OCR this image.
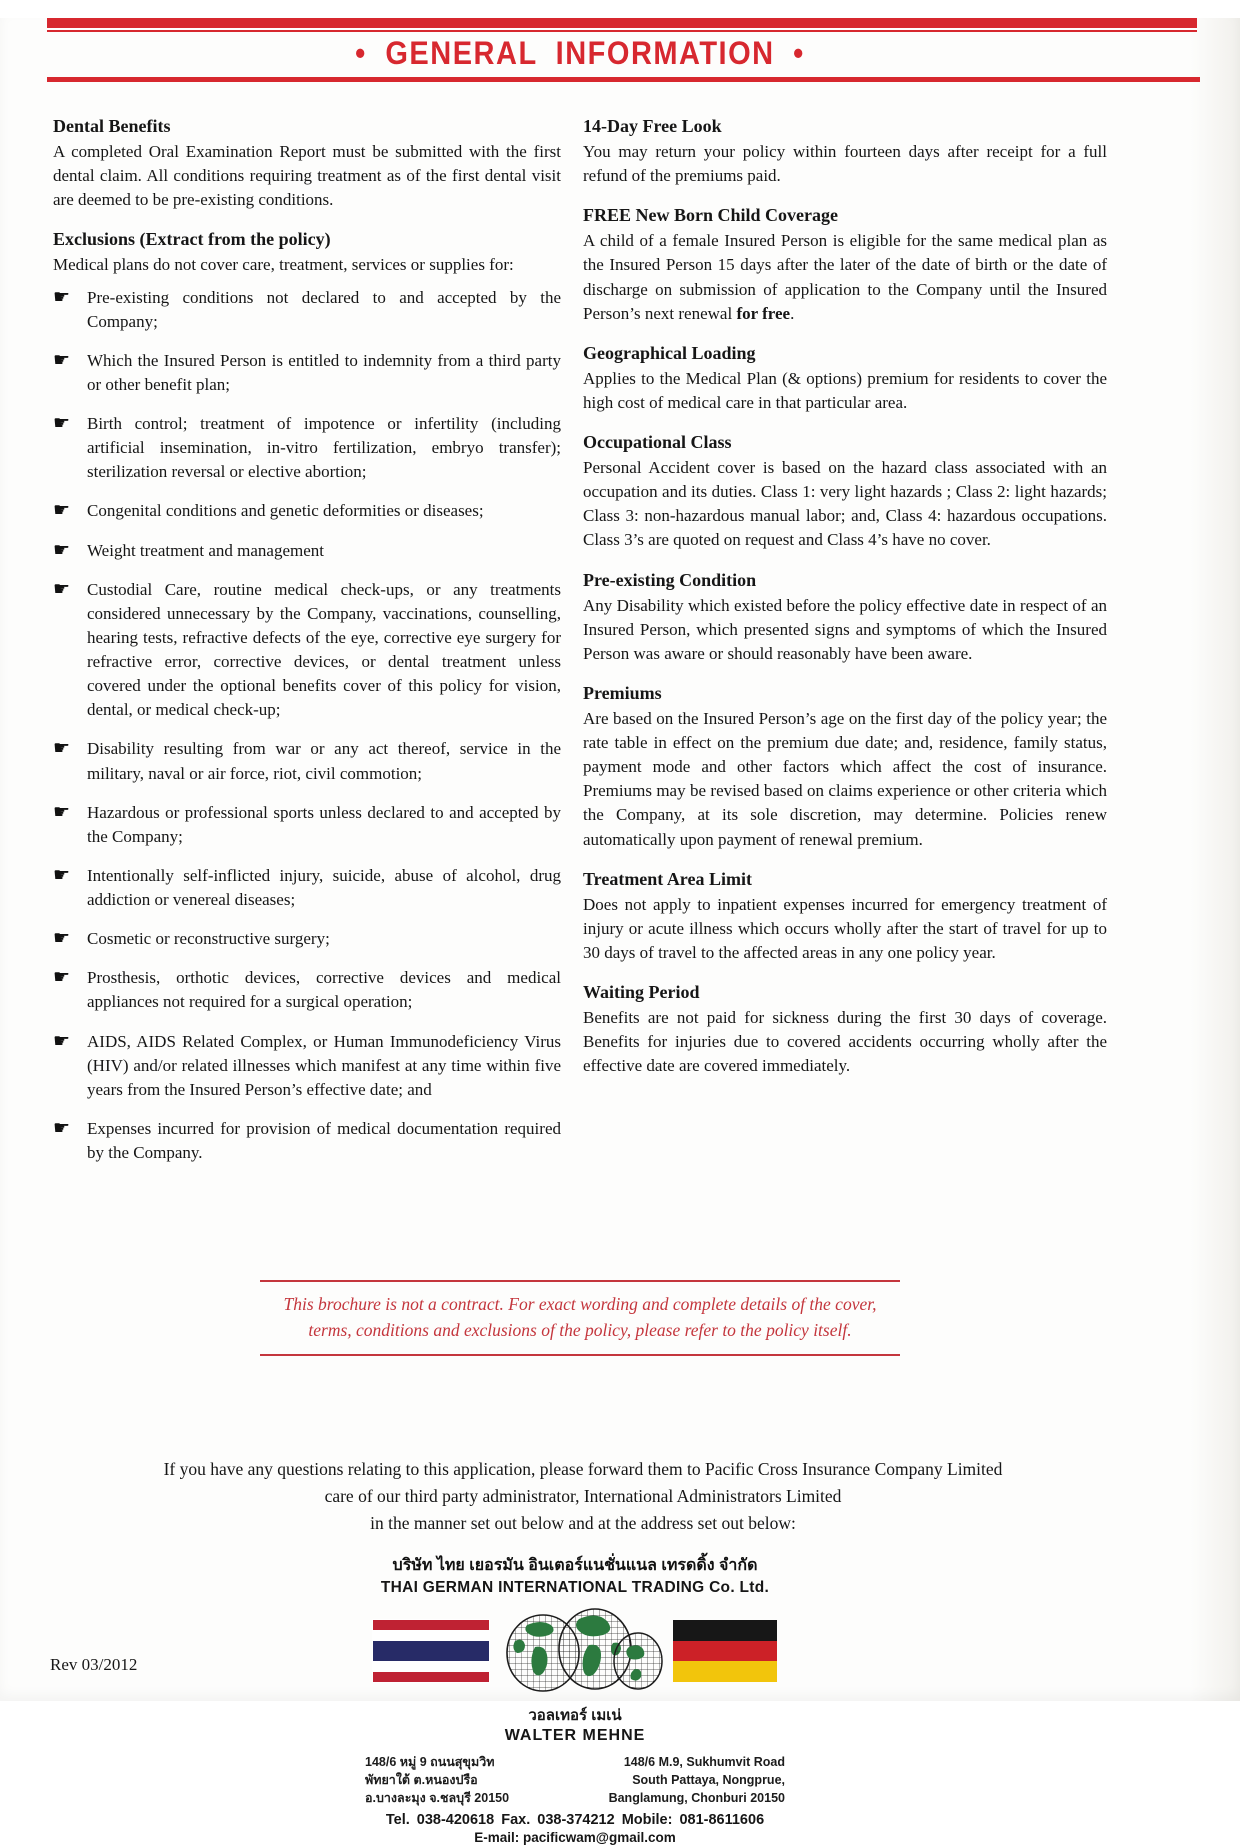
• GENERAL INFORMATION •
Dental Benefits

A completed Oral Examination Report must be submitted with the first dental claim. All conditions requiring treatment as of the first dental visit are deemed to be pre-existing conditions.

Exclusions (Extract from the policy)

Medical plans do not cover care, treatment, services or supplies for:

☛ Pre-existing conditions not declared to and accepted by the Company;
☛ Which the Insured Person is entitled to indemnity from a third party or other benefit plan;
☛ Birth control; treatment of impotence or infertility (including artificial insemination, in-vitro fertilization, embryo transfer); sterilization reversal or elective abortion;
☛ Congenital conditions and genetic deformities or diseases;
☛ Weight treatment and management
☛ Custodial Care, routine medical check-ups, or any treatments considered unnecessary by the Company, vaccinations, counselling, hearing tests, refractive defects of the eye, corrective eye surgery for refractive error, corrective devices, or dental treatment unless covered under the optional benefits cover of this policy for vision, dental, or medical check-up;
☛ Disability resulting from war or any act thereof, service in the military, naval or air force, riot, civil commotion;
☛ Hazardous or professional sports unless declared to and accepted by the Company;
☛ Intentionally self-inflicted injury, suicide, abuse of alcohol, drug addiction or venereal diseases;
☛ Cosmetic or reconstructive surgery;
☛ Prosthesis, orthotic devices, corrective devices and medical appliances not required for a surgical operation;
☛ AIDS, AIDS Related Complex, or Human Immunodeficiency Virus (HIV) and/or related illnesses which manifest at any time within five years from the Insured Person’s effective date; and
☛ Expenses incurred for provision of medical documentation required by the Company.
14-Day Free Look

You may return your policy within fourteen days after receipt for a full refund of the premiums paid.

FREE New Born Child Coverage

A child of a female Insured Person is eligible for the same medical plan as the Insured Person 15 days after the later of the date of birth or the date of discharge on submission of application to the Company until the Insured Person’s next renewal for free.

Geographical Loading

Applies to the Medical Plan (& options) premium for residents to cover the high cost of medical care in that particular area.

Occupational Class

Personal Accident cover is based on the hazard class associated with an occupation and its duties. Class 1: very light hazards ; Class 2: light hazards; Class 3: non-hazardous manual labor; and, Class 4: hazardous occupations. Class 3’s are quoted on request and Class 4’s have no cover.

Pre-existing Condition

Any Disability which existed before the policy effective date in respect of an Insured Person, which presented signs and symptoms of which the Insured Person was aware or should reasonably have been aware.

Premiums

Are based on the Insured Person’s age on the first day of the policy year; the rate table in effect on the premium due date; and, residence, family status, payment mode and other factors which affect the cost of insurance. Premiums may be revised based on claims experience or other criteria which the Company, at its sole discretion, may determine. Policies renew automatically upon payment of renewal premium.

Treatment Area Limit

Does not apply to inpatient expenses incurred for emergency treatment of injury or acute illness which occurs wholly after the start of travel for up to 30 days of travel to the affected areas in any one policy year.

Waiting Period

Benefits are not paid for sickness during the first 30 days of coverage. Benefits for injuries due to covered accidents occurring wholly after the effective date are covered immediately.

This brochure is not a contract. For exact wording and complete details of the cover,
terms, conditions and exclusions of the policy, please refer to the policy itself.
If you have any questions relating to this application, please forward them to Pacific Cross Insurance Company Limited
care of our third party administrator, International Administrators Limited
in the manner set out below and at the address set out below:
บริษัท ไทย เยอรมัน อินเตอร์แนชั่นแนล เทรดดิ้ง จำกัด
THAI GERMAN INTERNATIONAL TRADING Co. Ltd.
วอลเทอร์ เมเน่
WALTER MEHNE
148/6 หมู่ 9 ถนนสุขุมวิท
พัทยาใต้ ต.หนองปรือ
อ.บางละมุง จ.ชลบุรี 20150
148/6 M.9, Sukhumvit Road
South Pattaya, Nongprue,
Banglamung, Chonburi 20150
Tel. 038-420618 Fax. 038-374212 Mobile: 081-8611606
E-mail: pacificwam@gmail.com
Rev 03/2012
